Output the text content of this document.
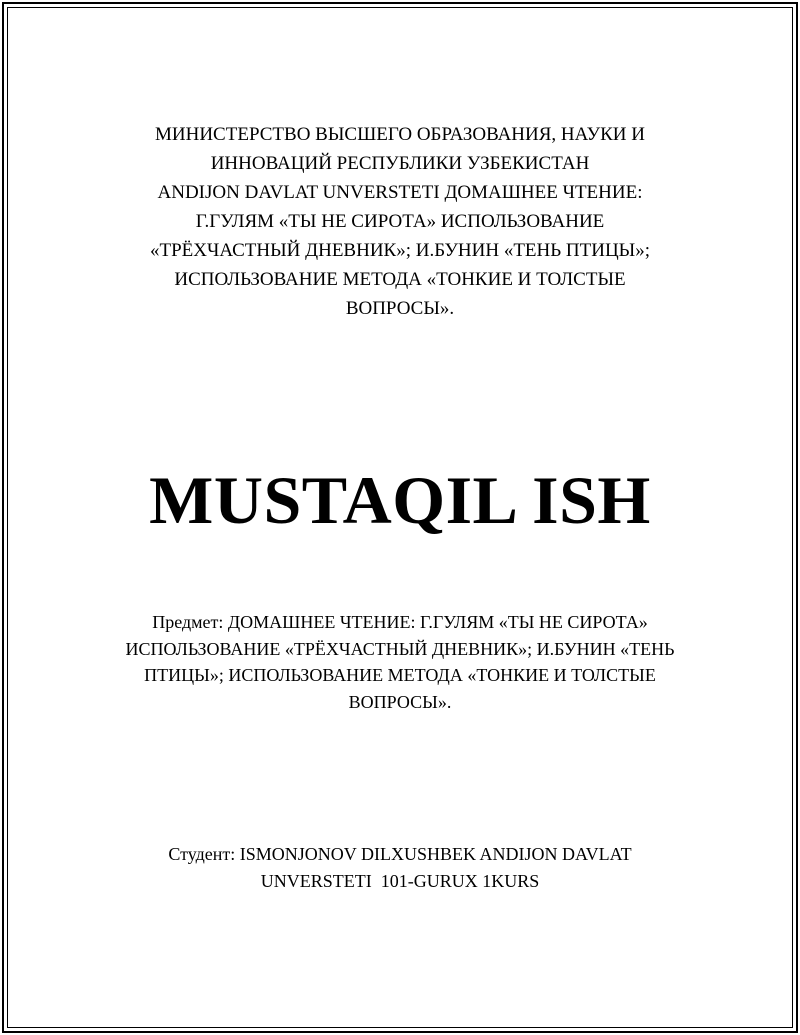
МИНИСТЕРСТВО ВЫСШЕГО ОБРАЗОВАНИЯ, НАУКИ И
ИННОВАЦИЙ РЕСПУБЛИКИ УЗБЕКИСТАН
ANDIJON DAVLAT UNVERSTETI ДОМАШНЕЕ ЧТЕНИЕ:
Г.ГУЛЯМ «ТЫ НЕ СИРОТА» ИСПОЛЬЗОВАНИЕ
«ТРЁХЧАСТНЫЙ ДНЕВНИК»; И.БУНИН «ТЕНЬ ПТИЦЫ»;
ИСПОЛЬЗОВАНИЕ МЕТОДА «ТОНКИЕ И ТОЛСТЫЕ
ВОПРОСЫ».
MUSTAQIL ISH
Предмет: ДОМАШНЕЕ ЧТЕНИЕ: Г.ГУЛЯМ «ТЫ НЕ СИРОТА»
ИСПОЛЬЗОВАНИЕ «ТРЁХЧАСТНЫЙ ДНЕВНИК»; И.БУНИН «ТЕНЬ
ПТИЦЫ»; ИСПОЛЬЗОВАНИЕ МЕТОДА «ТОНКИЕ И ТОЛСТЫЕ
ВОПРОСЫ».
Студент: ISMONJONOV DILXUSHBEK ANDIJON DAVLAT
UNVERSTETI  101-GURUX 1KURS
